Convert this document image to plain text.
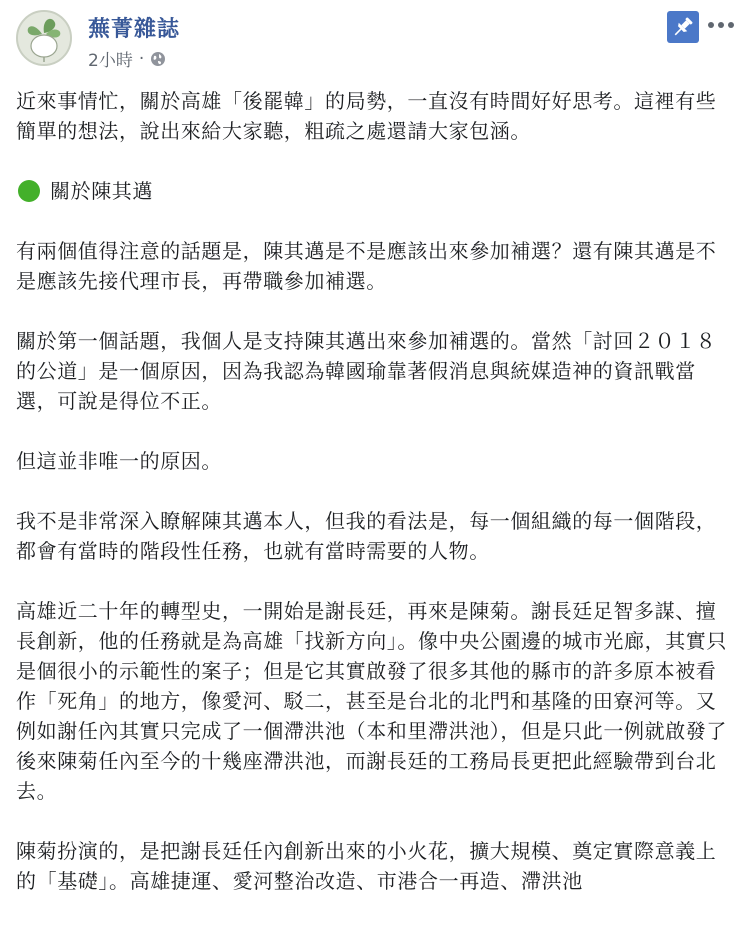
蕪菁雜誌
2小時 ·

近來事情忙，關於高雄「後罷韓」的局勢，一直沒有時間好好思考。這裡有些簡單的想法，說出來給大家聽，粗疏之處還請大家包涵。

關於陳其邁

有兩個值得注意的話題是，陳其邁是不是應該出來參加補選？還有陳其邁是不是應該先接代理市長，再帶職參加補選。

關於第一個話題，我個人是支持陳其邁出來參加補選的。當然「討回２０１８的公道」是一個原因，因為我認為韓國瑜靠著假消息與統媒造神的資訊戰當選，可說是得位不正。

但這並非唯一的原因。

我不是非常深入瞭解陳其邁本人，但我的看法是，每一個組織的每一個階段，都會有當時的階段性任務，也就有當時需要的人物。

高雄近二十年的轉型史，一開始是謝長廷，再來是陳菊。謝長廷足智多謀、擅長創新，他的任務就是為高雄「找新方向」。像中央公園邊的城市光廊，其實只是個很小的示範性的案子；但是它其實啟發了很多其他的縣市的許多原本被看作「死角」的地方，像愛河、駁二，甚至是台北的北門和基隆的田寮河等。又例如謝任內其實只完成了一個滯洪池（本和里滯洪池），但是只此一例就啟發了後來陳菊任內至今的十幾座滯洪池，而謝長廷的工務局長更把此經驗帶到台北去。

陳菊扮演的，是把謝長廷任內創新出來的小火花，擴大規模、奠定實際意義上的「基礎」。高雄捷運、愛河整治改造、市港合一再造、滯洪池
